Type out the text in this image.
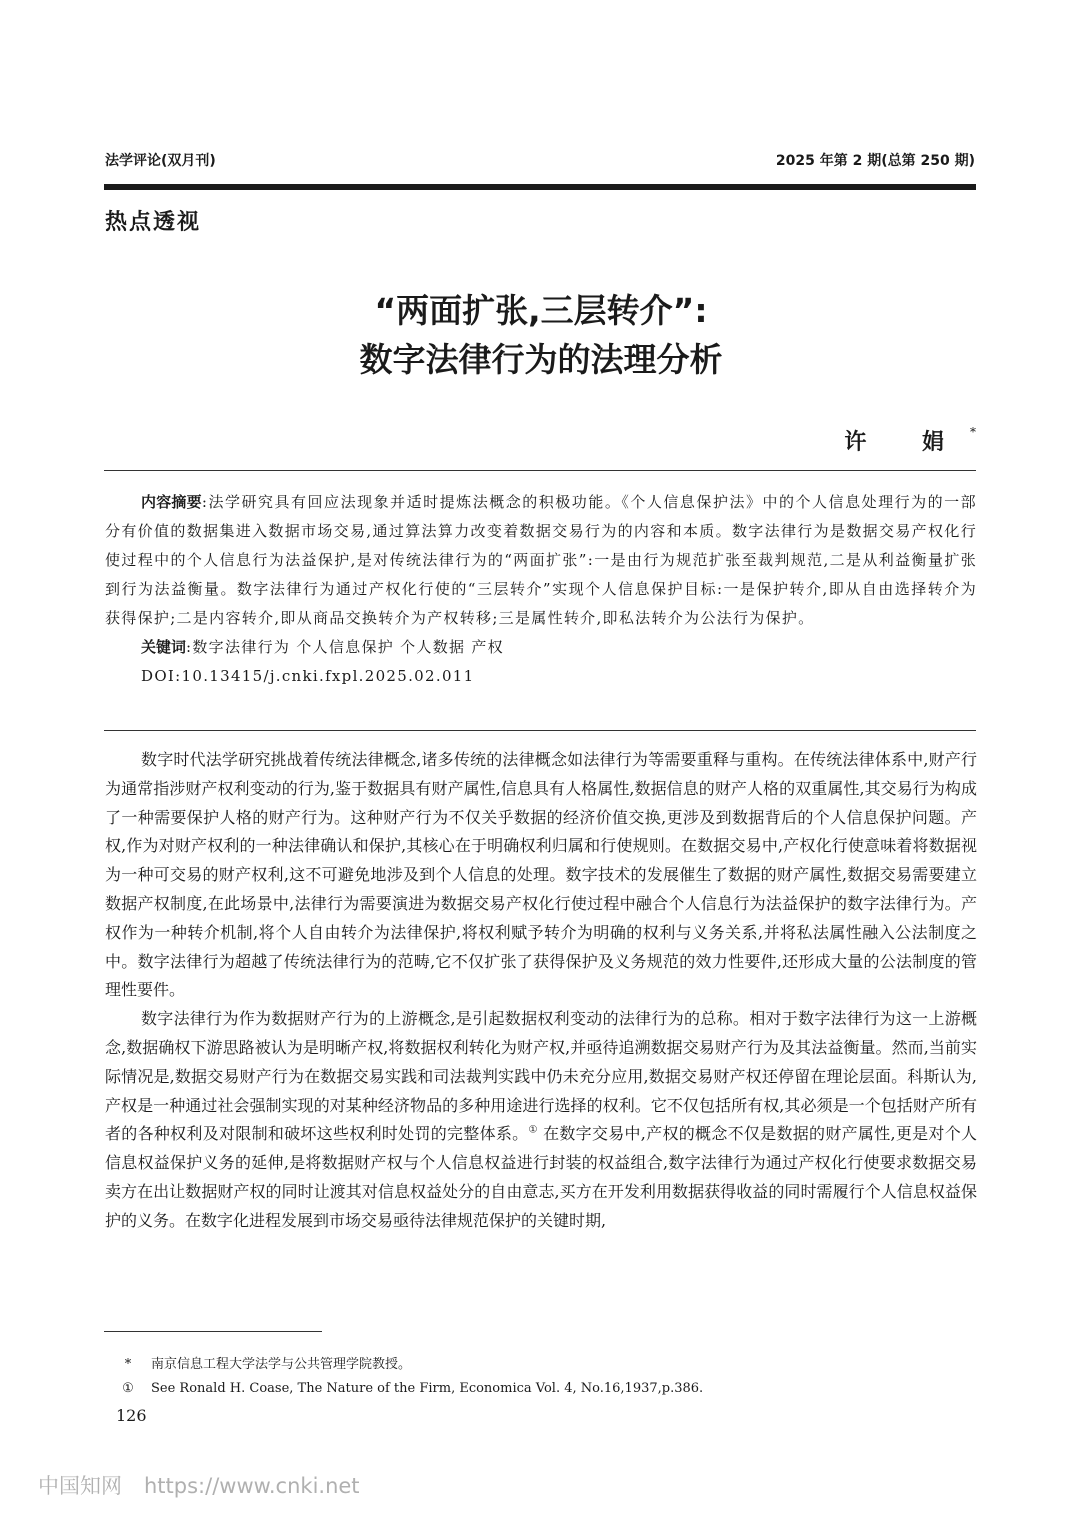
法学评论(双月刊)	2025 年第 2 期(总第 250 期)
热点透视
“两面扩张,三层转介”:
数字法律行为的法理分析
许 娟 *

内容摘要:法学研究具有回应法现象并适时提炼法概念的积极功能。《个人信息保护法》中的个人信息处理行为的一部分有价值的数据集进入数据市场交易,通过算法算力改变着数据交易行为的内容和本质。数字法律行为是数据交易产权化行使过程中的个人信息行为法益保护,是对传统法律行为的“两面扩张”:一是由行为规范扩张至裁判规范,二是从利益衡量扩张到行为法益衡量。数字法律行为通过产权化行使的“三层转介”实现个人信息保护目标:一是保护转介,即从自由选择转介为获得保护;二是内容转介,即从商品交换转介为产权转移;三是属性转介,即私法转介为公法行为保护。

关键词:数字法律行为 个人信息保护 个人数据 产权

DOI:10.13415/j.cnki.fxpl.2025.02.011

数字时代法学研究挑战着传统法律概念,诸多传统的法律概念如法律行为等需要重释与重构。在传统法律体系中,财产行为通常指涉财产权利变动的行为,鉴于数据具有财产属性,信息具有人格属性,数据信息的财产人格的双重属性,其交易行为构成了一种需要保护人格的财产行为。这种财产行为不仅关乎数据的经济价值交换,更涉及到数据背后的个人信息保护问题。产权,作为对财产权利的一种法律确认和保护,其核心在于明确权利归属和行使规则。在数据交易中,产权化行使意味着将数据视为一种可交易的财产权利,这不可避免地涉及到个人信息的处理。数字技术的发展催生了数据的财产属性,数据交易需要建立数据产权制度,在此场景中,法律行为需要演进为数据交易产权化行使过程中融合个人信息行为法益保护的数字法律行为。产权作为一种转介机制,将个人自由转介为法律保护,将权利赋予转介为明确的权利与义务关系,并将私法属性融入公法制度之中。数字法律行为超越了传统法律行为的范畴,它不仅扩张了获得保护及义务规范的效力性要件,还形成大量的公法制度的管理性要件。

数字法律行为作为数据财产行为的上游概念,是引起数据权利变动的法律行为的总称。相对于数字法律行为这一上游概念,数据确权下游思路被认为是明晰产权,将数据权利转化为财产权,并亟待追溯数据交易财产行为及其法益衡量。然而,当前实际情况是,数据交易财产行为在数据交易实践和司法裁判实践中仍未充分应用,数据交易财产权还停留在理论层面。科斯认为,产权是一种通过社会强制实现的对某种经济物品的多种用途进行选择的权利。它不仅包括所有权,其必须是一个包括财产所有者的各种权利及对限制和破坏这些权利时处罚的完整体系。① 在数字交易中,产权的概念不仅是数据的财产属性,更是对个人信息权益保护义务的延伸,是将数据财产权与个人信息权益进行封装的权益组合,数字法律行为通过产权化行使要求数据交易卖方在出让数据财产权的同时让渡其对信息权益处分的自由意志,买方在开发利用数据获得收益的同时需履行个人信息权益保护的义务。在数字化进程发展到市场交易亟待法律规范保护的关键时期,

*	南京信息工程大学法学与公共管理学院教授。
①	See Ronald H. Coase, The Nature of the Firm, Economica Vol. 4, No.16,1937,p.386.
126
中国知网 https://www.cnki.net
